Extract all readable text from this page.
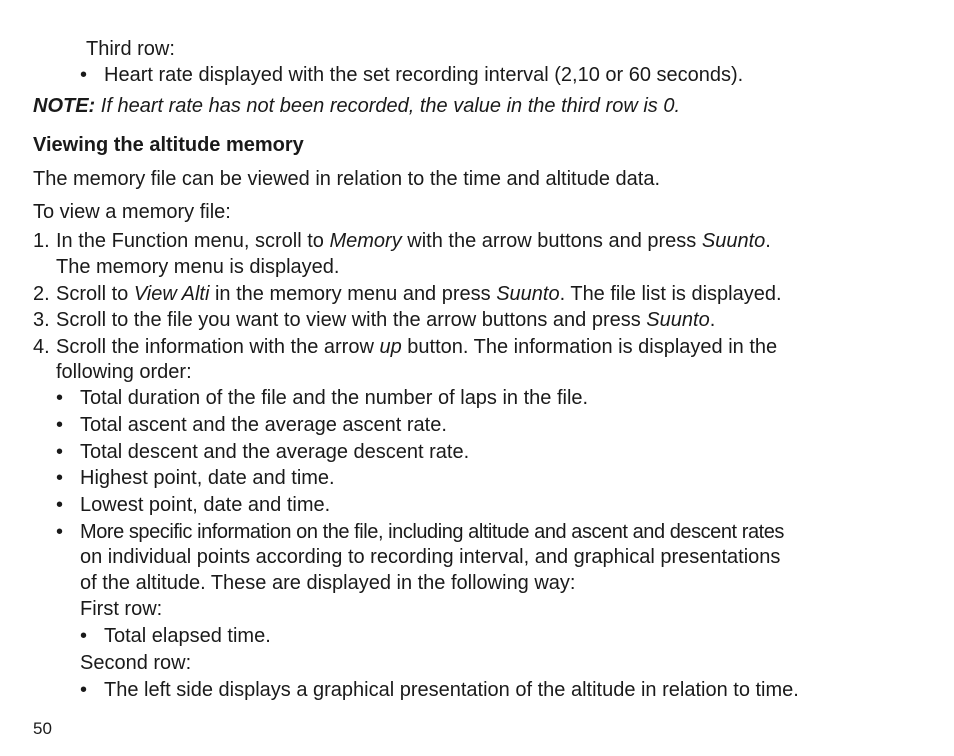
Third row:
• Heart rate displayed with the set recording interval (2,10 or 60 seconds).
NOTE: If heart rate has not been recorded, the value in the third row is 0.
Viewing the altitude memory
The memory file can be viewed in relation to the time and altitude data.
To view a memory file:
1. In the Function menu, scroll to Memory with the arrow buttons and press Suunto.
The memory menu is displayed.
2. Scroll to View Alti in the memory menu and press Suunto. The file list is displayed.
3. Scroll to the file you want to view with the arrow buttons and press Suunto.
4. Scroll the information with the arrow up button. The information is displayed in the
following order:
• Total duration of the file and the number of laps in the file.
• Total ascent and the average ascent rate.
• Total descent and the average descent rate.
• Highest point, date and time.
• Lowest point, date and time.
• More specific information on the file, including altitude and ascent and descent rates
on individual points according to recording interval, and graphical presentations
of the altitude. These are displayed in the following way:
First row:
• Total elapsed time.
Second row:
• The left side displays a graphical presentation of the altitude in relation to time.
50
